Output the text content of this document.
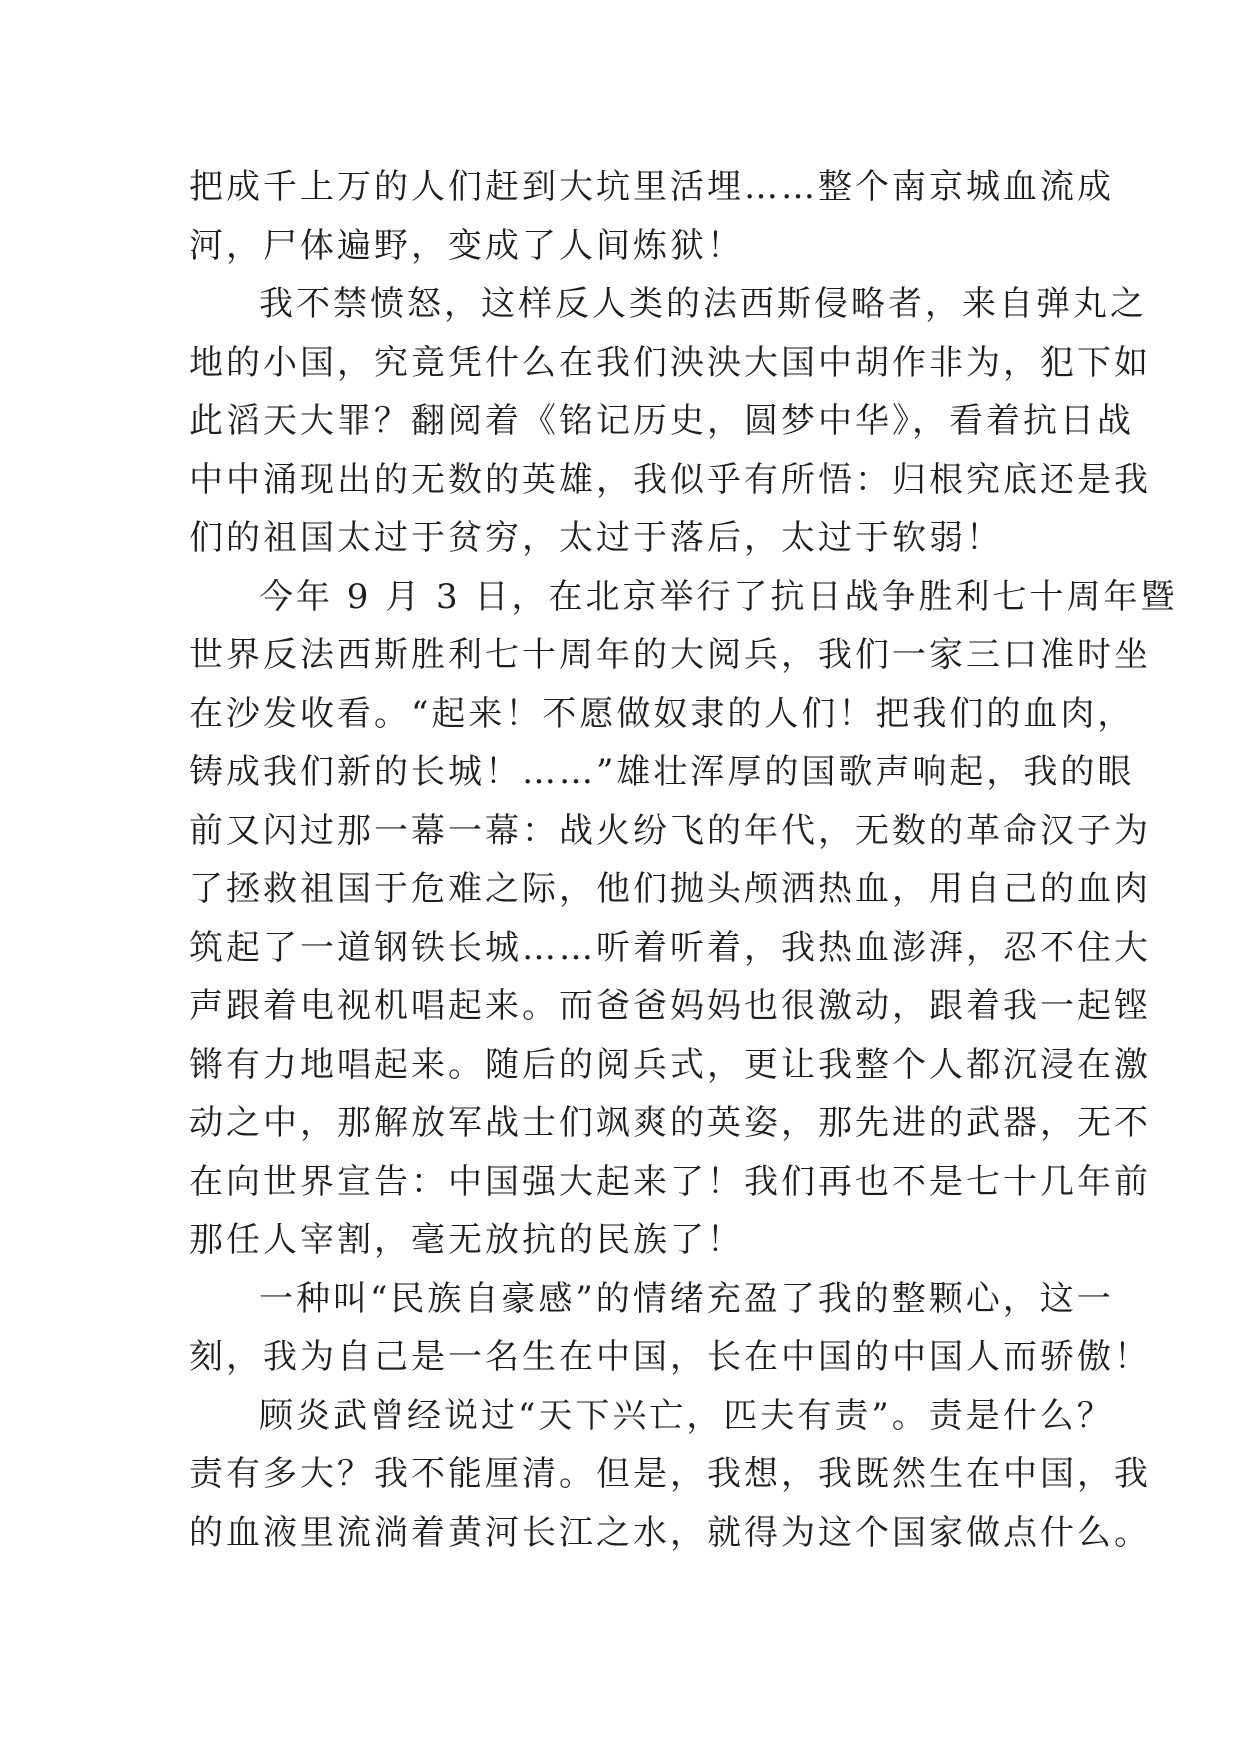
把成千上万的人们赶到大坑里活埋……整个南京城血流成
河，尸体遍野，变成了人间炼狱！
我不禁愤怒，这样反人类的法西斯侵略者，来自弹丸之
地的小国，究竟凭什么在我们泱泱大国中胡作非为，犯下如
此滔天大罪？翻阅着《铭记历史，圆梦中华》，看着抗日战
中中涌现出的无数的英雄，我似乎有所悟：归根究底还是我
们的祖国太过于贫穷，太过于落后，太过于软弱！
今年 9 月 3 日，在北京举行了抗日战争胜利七十周年暨
世界反法西斯胜利七十周年的大阅兵，我们一家三口准时坐
在沙发收看。“起来！不愿做奴隶的人们！把我们的血肉，
铸成我们新的长城！……”雄壮浑厚的国歌声响起，我的眼
前又闪过那一幕一幕：战火纷飞的年代，无数的革命汉子为
了拯救祖国于危难之际，他们抛头颅洒热血，用自己的血肉
筑起了一道钢铁长城……听着听着，我热血澎湃，忍不住大
声跟着电视机唱起来。而爸爸妈妈也很激动，跟着我一起铿
锵有力地唱起来。随后的阅兵式，更让我整个人都沉浸在激
动之中，那解放军战士们飒爽的英姿，那先进的武器，无不
在向世界宣告：中国强大起来了！我们再也不是七十几年前
那任人宰割，毫无放抗的民族了！
一种叫“民族自豪感”的情绪充盈了我的整颗心，这一
刻，我为自己是一名生在中国，长在中国的中国人而骄傲！
顾炎武曾经说过“天下兴亡，匹夫有责”。责是什么？
责有多大？我不能厘清。但是，我想，我既然生在中国，我
的血液里流淌着黄河长江之水，就得为这个国家做点什么。
